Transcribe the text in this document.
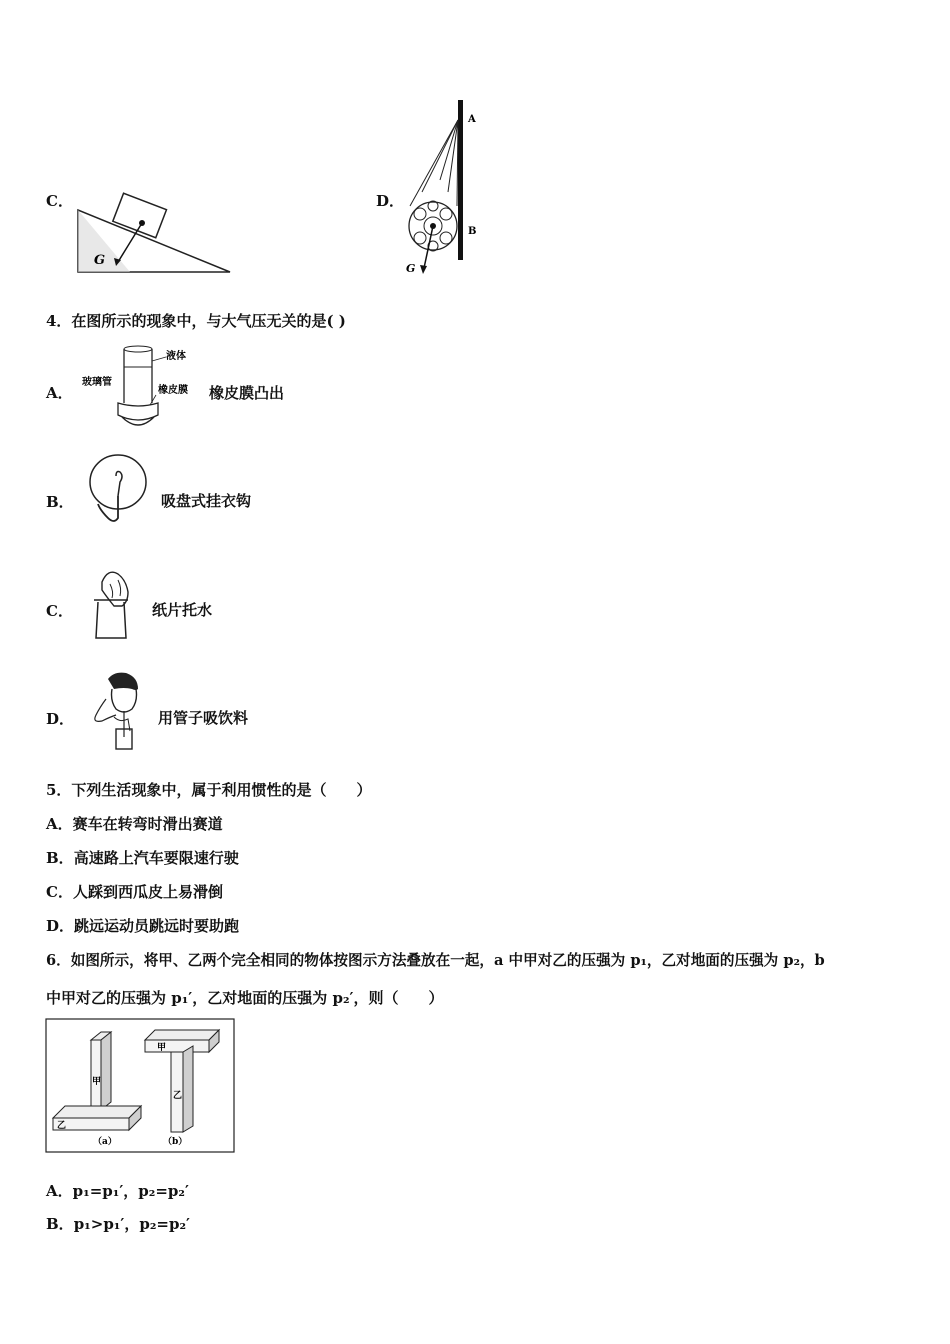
C．
G
D．
A
B
G
4．在图所示的现象中，与大气压无关的是( )
A．
液体
玻璃管
橡皮膜 橡皮膜凸出
B．	吸盘式挂衣钩
C．	纸片托水
D．	用管子吸饮料
5．下列生活现象中，属于利用惯性的是（　　）
A．赛车在转弯时滑出赛道
B．高速路上汽车要限速行驶
C．人踩到西瓜皮上易滑倒
D．跳远运动员跳远时要助跑
6．如图所示，将甲、乙两个完全相同的物体按图示方法叠放在一起，a 中甲对乙的压强为 p₁，乙对地面的压强为 p₂，b
中甲对乙的压强为 p₁′，乙对地面的压强为 p₂′，则（　　）
甲
乙
（a）
甲
乙
（b）
A．p₁=p₁′，p₂=p₂′
B．p₁>p₁′，p₂=p₂′
